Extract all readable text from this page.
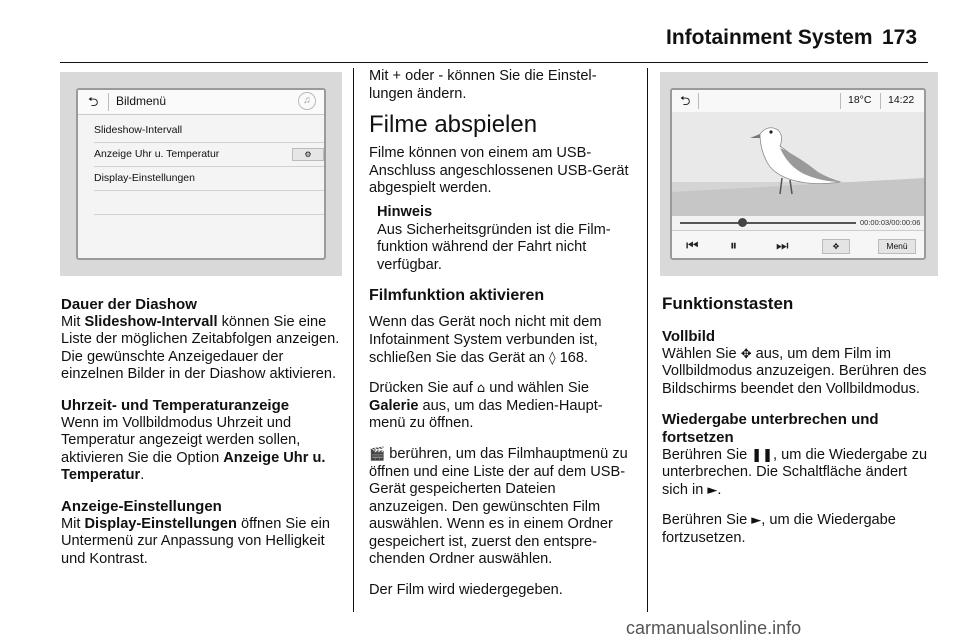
Infotainment System 173
⮌ Bildmenü	♫
Slideshow-Intervall
Anzeige Uhr u. Temperatur	⚙
Display-Einstellungen
Dauer der Diashow

Mit Slideshow-Intervall können Sie eine Liste der möglichen Zeitabfolgen anzeigen. Die gewünschte Anzeigedauer der einzelnen Bilder in der Diashow aktivieren.

Uhrzeit- und Temperaturanzeige

Wenn im Vollbildmodus Uhrzeit und Temperatur angezeigt werden sollen, aktivieren Sie die Option Anzeige Uhr u. Temperatur.

Anzeige-Einstellungen

Mit Display-Einstellungen öffnen Sie ein Untermenü zur Anpassung von Helligkeit und Kontrast.

Mit + oder - können Sie die Einstellungen ändern.

Filme abspielen

Filme können von einem am USB-Anschluss angeschlossenen USB-Gerät abgespielt werden.

Hinweis
Aus Sicherheitsgründen ist die Filmfunktion während der Fahrt nicht verfügbar.
Filmfunktion aktivieren

Wenn das Gerät noch nicht mit dem Infotainment System verbunden ist, schließen Sie das Gerät an ◊ 168.

Drücken Sie auf ⌂ und wählen Sie Galerie aus, um das Medien-Hauptmenü zu öffnen.

🎬 berühren, um das Filmhauptmenü zu öffnen und eine Liste der auf dem USB-Gerät gespeicherten Dateien anzuzeigen. Den gewünschten Film auswählen. Wenn es in einem Ordner gespeichert ist, zuerst den entsprechenden Ordner auswählen.

Der Film wird wiedergegeben.

⮌	18°C 14:22
00:00:03/00:00:06
⏮ ⏸	⏭	✥	Menü
Funktionstasten
Vollbild

Wählen Sie ✥ aus, um dem Film im Vollbildmodus anzuzeigen. Berühren des Bildschirms beendet den Vollbildmodus.

Wiedergabe unterbrechen und fortsetzen

Berühren Sie ❚❚, um die Wiedergabe zu unterbrechen. Die Schaltfläche ändert sich in ►.

Berühren Sie ►, um die Wiedergabe fortzusetzen.

carmanualsonline.info
